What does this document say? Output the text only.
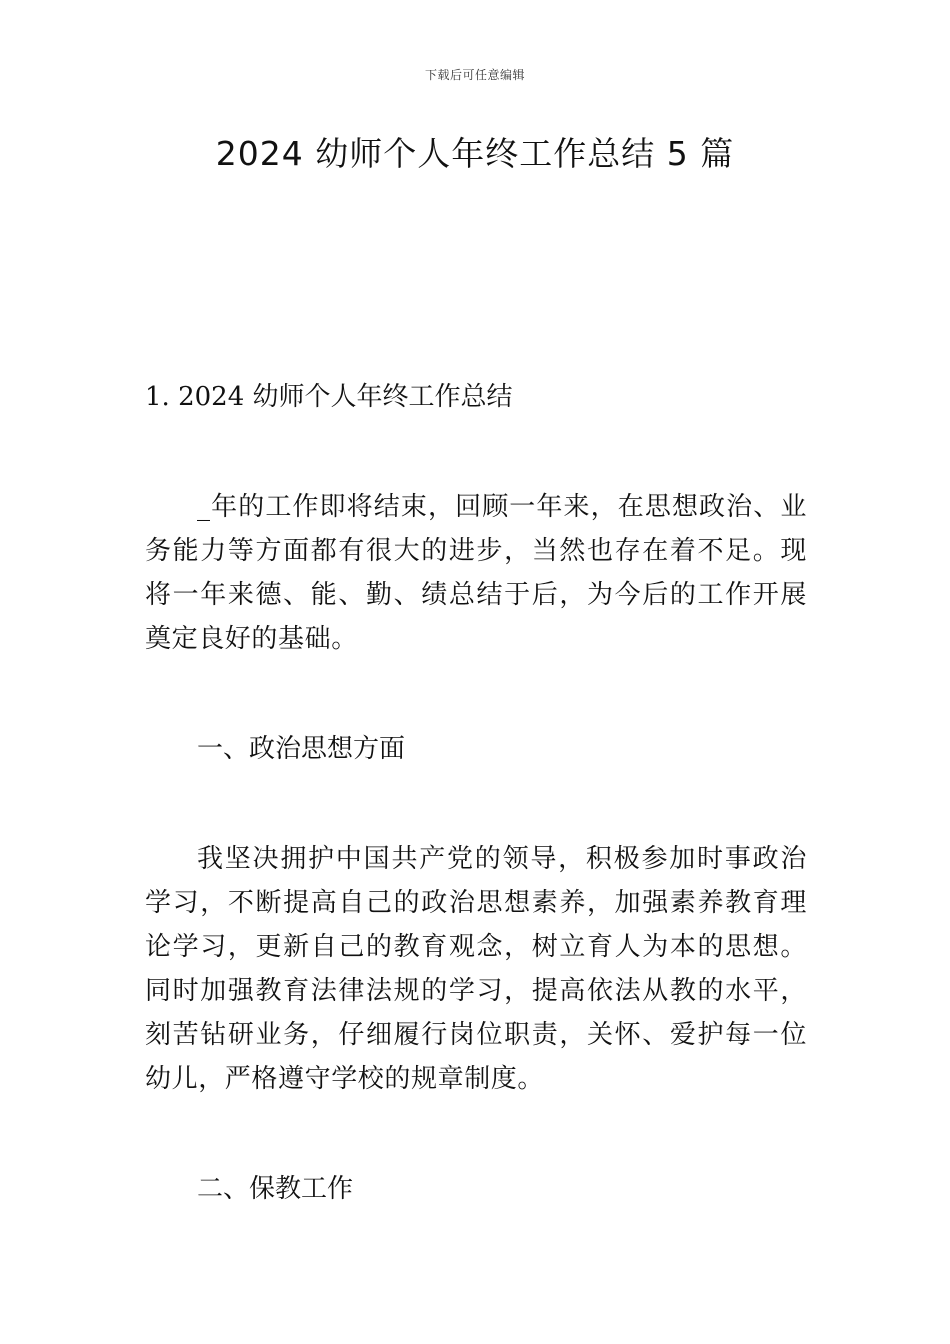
下载后可任意编辑
2024 幼师个人年终工作总结 5 篇

1. 2024 幼师个人年终工作总结

_年的工作即将结束，回顾一年来，在思想政治、业务能力等方面都有很大的进步，当然也存在着不足。现将一年来德、能、勤、绩总结于后，为今后的工作开展奠定良好的基础。

一、政治思想方面

我坚决拥护中国共产党的领导，积极参加时事政治学习，不断提高自己的政治思想素养，加强素养教育理论学习，更新自己的教育观念，树立育人为本的思想。同时加强教育法律法规的学习，提高依法从教的水平，刻苦钻研业务，仔细履行岗位职责，关怀、爱护每一位幼儿，严格遵守学校的规章制度。

二、保教工作
